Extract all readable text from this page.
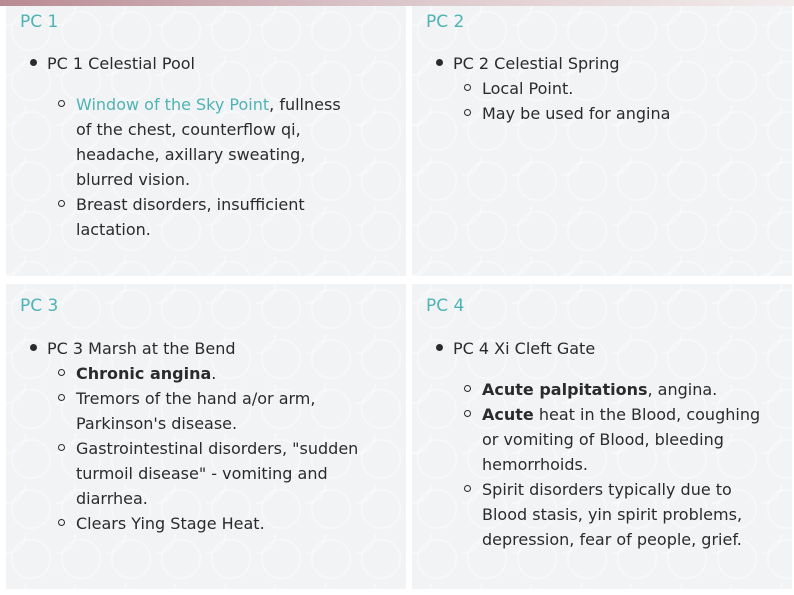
PC 1
PC 1 Celestial Pool
Window of the Sky Point, fullness
of the chest, counterflow qi,
headache, axillary sweating,
blurred vision.
Breast disorders, insufficient
lactation.
PC 2
PC 2 Celestial Spring
Local Point.
May be used for angina
PC 3
PC 3 Marsh at the Bend
Chronic angina.
Tremors of the hand a/or arm,
Parkinson's disease.
Gastrointestinal disorders, "sudden
turmoil disease" - vomiting and
diarrhea.
Clears Ying Stage Heat.
PC 4
PC 4 Xi Cleft Gate
Acute palpitations, angina.
Acute heat in the Blood, coughing
or vomiting of Blood, bleeding
hemorrhoids.
Spirit disorders typically due to
Blood stasis, yin spirit problems,
depression, fear of people, grief.
